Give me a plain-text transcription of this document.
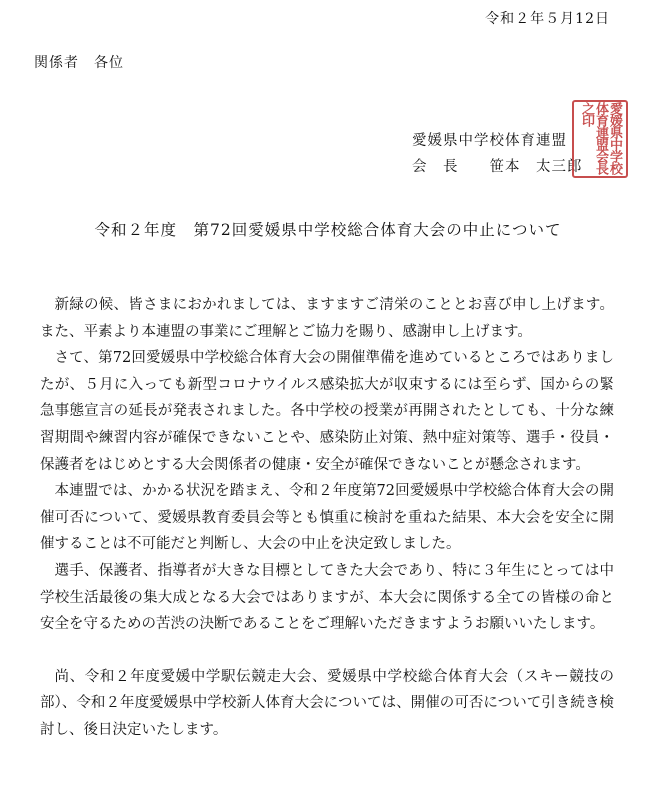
令和２年５月12日
関係者　各位
愛媛県中学校体育連盟
会　長　　 笹本　太三郎	愛媛県中学校体育連盟会長之印
令和２年度　第72回愛媛県中学校総合体育大会の中止について

新緑の候、皆さまにおかれましては、ますますご清栄のこととお喜び申し上げます。また、平素より本連盟の事業にご理解とご協力を賜り、感謝申し上げます。

さて、第72回愛媛県中学校総合体育大会の開催準備を進めているところではありましたが、５月に入っても新型コロナウイルス感染拡大が収束するには至らず、国からの緊急事態宣言の延長が発表されました。各中学校の授業が再開されたとしても、十分な練習期間や練習内容が確保できないことや、感染防止対策、熱中症対策等、選手・役員・保護者をはじめとする大会関係者の健康・安全が確保できないことが懸念されます。

本連盟では、かかる状況を踏まえ、令和２年度第72回愛媛県中学校総合体育大会の開催可否について、愛媛県教育委員会等とも慎重に検討を重ねた結果、本大会を安全に開催することは不可能だと判断し、大会の中止を決定致しました。

選手、保護者、指導者が大きな目標としてきた大会であり、特に３年生にとっては中学校生活最後の集大成となる大会ではありますが、本大会に関係する全ての皆様の命と安全を守るための苦渋の決断であることをご理解いただきますようお願いいたします。

尚、令和２年度愛媛中学駅伝競走大会、愛媛県中学校総合体育大会（スキー競技の部）、令和２年度愛媛県中学校新人体育大会については、開催の可否について引き続き検討し、後日決定いたします。
